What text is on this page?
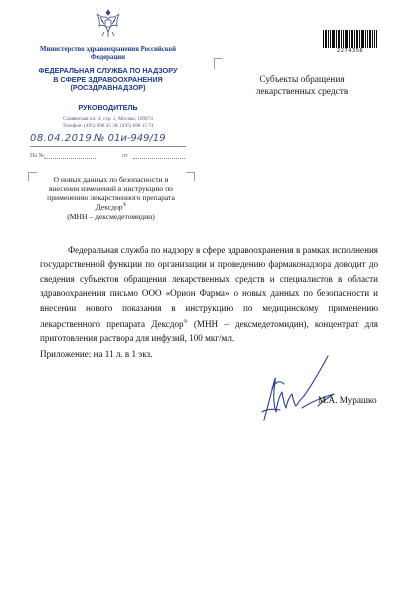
Министерство здравоохранения Российской Федерации
ФЕДЕРАЛЬНАЯ СЛУЖБА ПО НАДЗОРУ
В СФЕРЕ ЗДРАВООХРАНЕНИЯ
(РОСЗДРАВНАДЗОР)
РУКОВОДИТЕЛЬ
Славянская пл. 4, стр. 1, Москва, 109074
Телефон: (495) 698 45 38; (495) 698 15 74
08.04.2019 № 01и-949/19
На №	от
О новых данных по безопасности и внесении изменений в инструкцию по применению лекарственного препарата Дексдор®
(МНН – дексмедетомидин)
2274356
Субъекты обращения
лекарственных средств
Федеральная служба по надзору в сфере здравоохранения в рамках исполнения государственной функции по организации и проведению фармаконадзора доводит до сведения субъектов обращения лекарственных средств и специалистов в области здравоохранения письмо ООО «Орион Фарма» о новых данных по безопасности и внесении нового показания в инструкцию по медицинскому применению лекарственного препарата Дексдор® (МНН – дексмедетомидин), концентрат для приготовления раствора для инфузий, 100 мкг/мл.
Приложение: на 11 л. в 1 экз.
М.А. Мурашко
